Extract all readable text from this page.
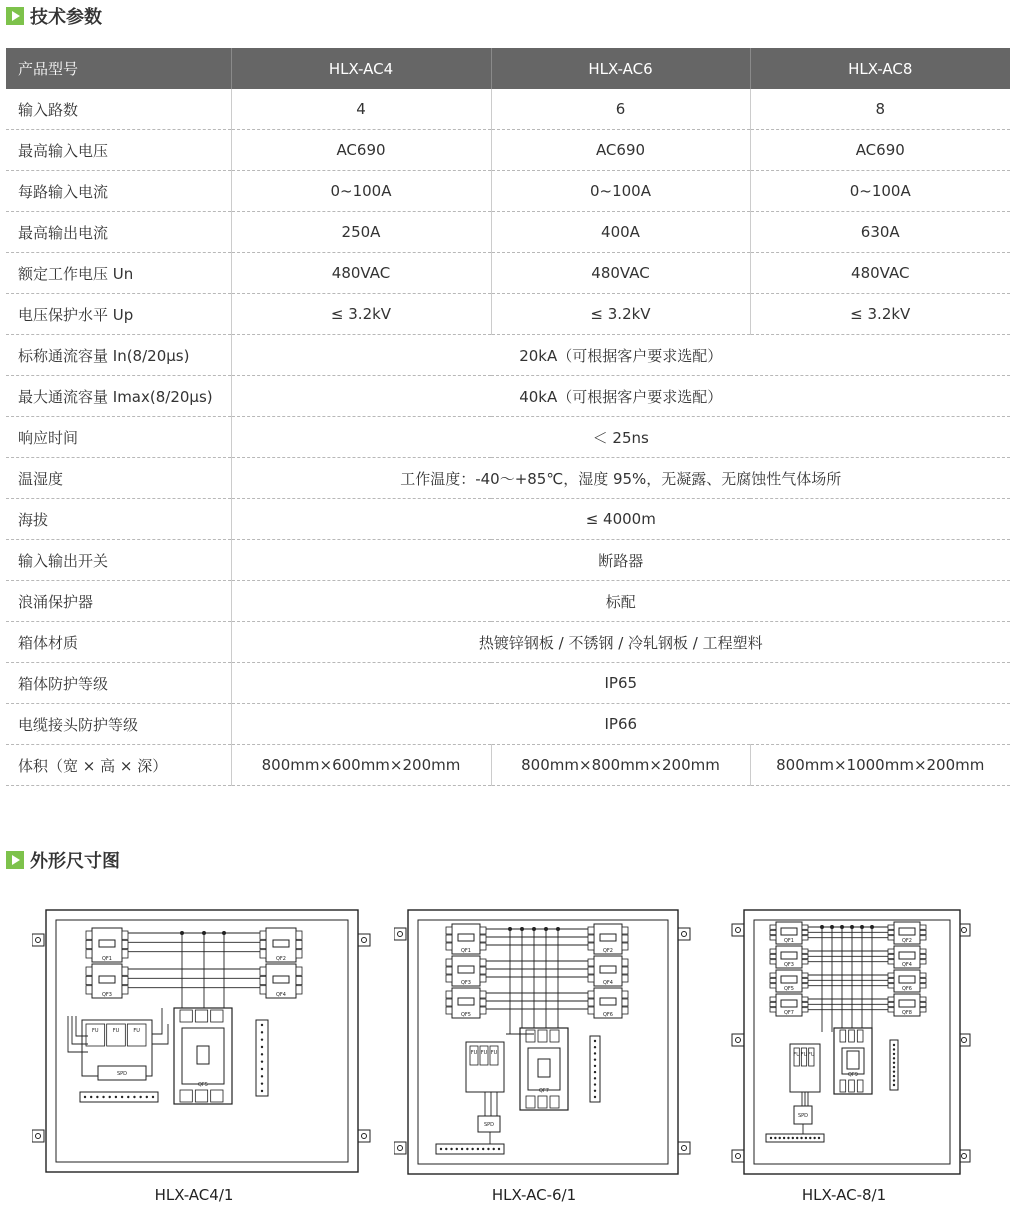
技术参数
产品型号	HLX-AC4	HLX-AC6	HLX-AC8
输入路数	4	6	8
最高输入电压	AC690	AC690	AC690
每路输入电流	0~100A	0~100A	0~100A
最高输出电流	250A	400A	630A
额定工作电压 Un	480VAC	480VAC	480VAC
电压保护水平 Up	≤ 3.2kV	≤ 3.2kV	≤ 3.2kV
标称通流容量 In(8/20μs)	20kA（可根据客户要求选配）		
最大通流容量 Imax(8/20μs)	40kA（可根据客户要求选配）		
响应时间	＜ 25ns		
温湿度	工作温度：-40～+85℃，湿度 95%，无凝露、无腐蚀性气体场所		
海拔	≤ 4000m		
输入输出开关	断路器		
浪涌保护器	标配		
箱体材质	热镀锌钢板 / 不锈钢 / 冷轧钢板 / 工程塑料		
箱体防护等级	IP65		
电缆接头防护等级	IP66		
体积（宽 × 高 × 深）	800mm×600mm×200mm	800mm×800mm×200mm	800mm×1000mm×200mm
外形尺寸图
QF1	QF2
QF3	QF4
FU	FU	FU
SPD
QF5
QF1	QF2
QF3	QF4
QF5	QF6
FU FU FU
SPD
QF7
QF1	QF2
QF3	QF4
QF5	QF6
QF7	QF8
FU FU FU
SPD
QF9
HLX-AC4/1	HLX-AC-6/1	HLX-AC-8/1
